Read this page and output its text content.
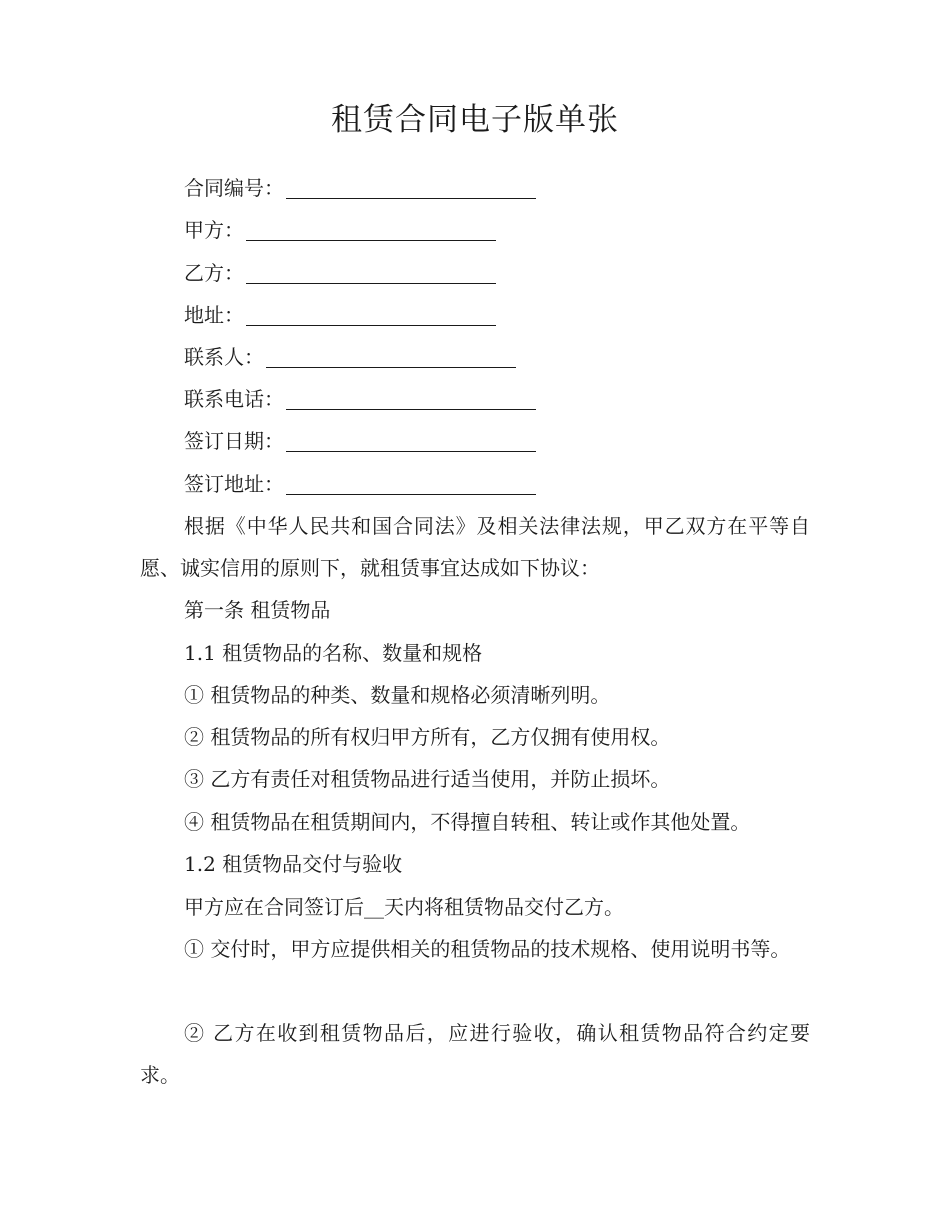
租赁合同电子版单张
合同编号：
甲方：
乙方：
地址：
联系人：
联系电话：
签订日期：
签订地址：
根据《中华人民共和国合同法》及相关法律法规，甲乙双方在平等自愿、诚实信用的原则下，就租赁事宜达成如下协议：
第一条 租赁物品
1.1 租赁物品的名称、数量和规格
① 租赁物品的种类、数量和规格必须清晰列明。
② 租赁物品的所有权归甲方所有，乙方仅拥有使用权。
③ 乙方有责任对租赁物品进行适当使用，并防止损坏。
④ 租赁物品在租赁期间内，不得擅自转租、转让或作其他处置。
1.2 租赁物品交付与验收
甲方应在合同签订后__天内将租赁物品交付乙方。
① 交付时，甲方应提供相关的租赁物品的技术规格、使用说明书等。
② 乙方在收到租赁物品后，应进行验收，确认租赁物品符合约定要求。
